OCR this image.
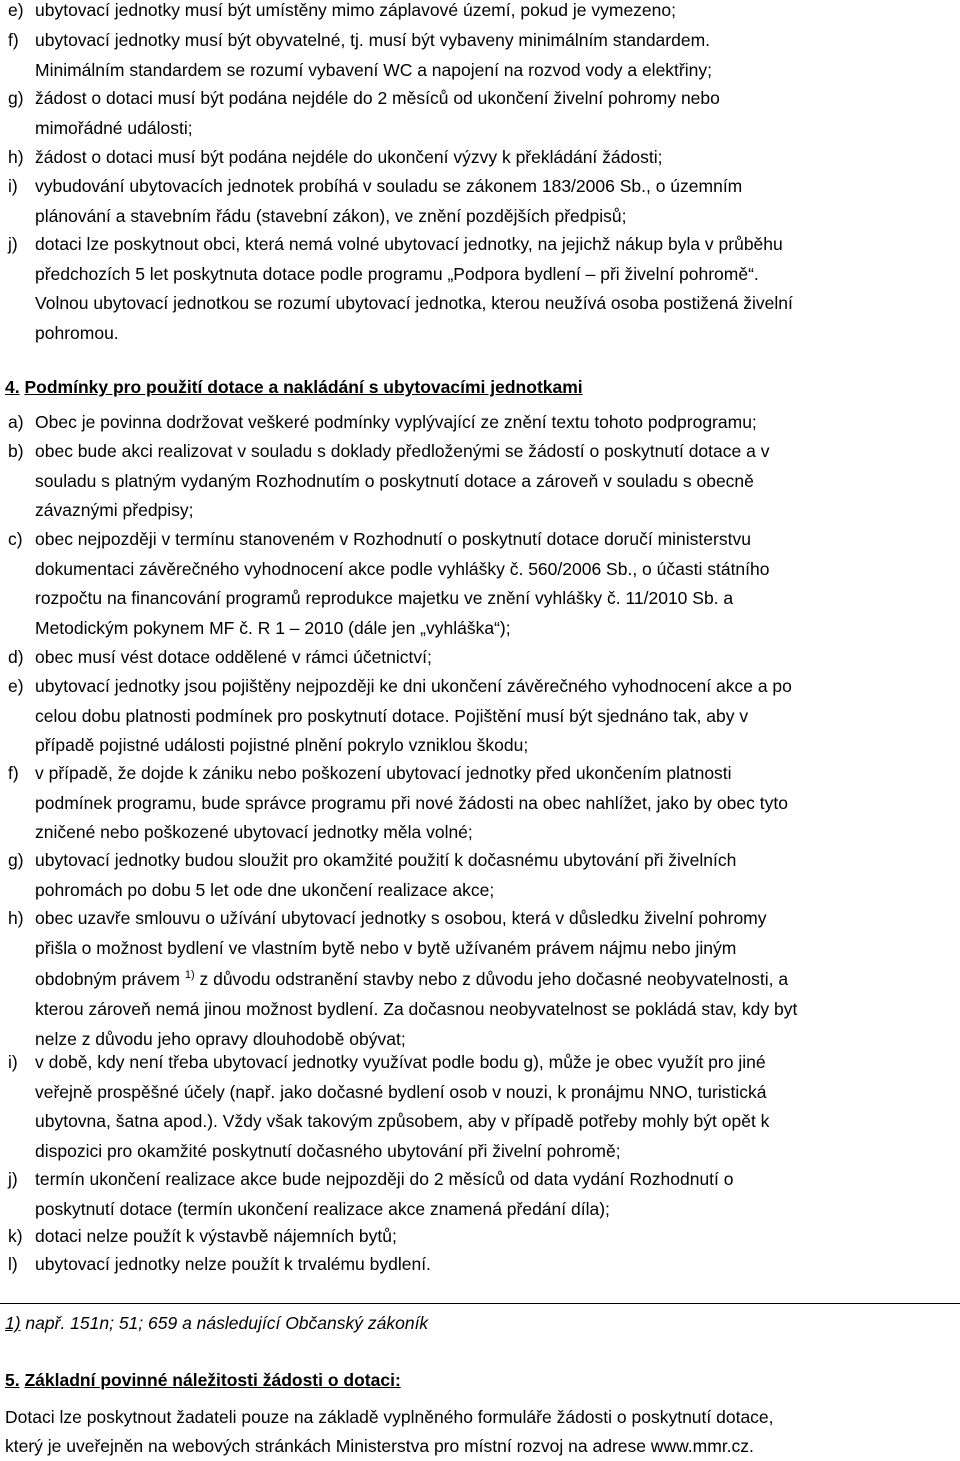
e) ubytovací jednotky musí být umístěny mimo záplavové území, pokud je vymezeno;
f) ubytovací jednotky musí být obyvatelné, tj. musí být vybaveny minimálním standardem.
Minimálním standardem se rozumí vybavení WC a napojení na rozvod vody a elektřiny;
g) žádost o dotaci musí být podána nejdéle do 2 měsíců od ukončení živelní pohromy nebo
mimořádné události;
h) žádost o dotaci musí být podána nejdéle do ukončení výzvy k překládání žádosti;
i) vybudování ubytovacích jednotek probíhá v souladu se zákonem 183/2006 Sb., o územním
plánování a stavebním řádu (stavební zákon), ve znění pozdějších předpisů;
j) dotaci lze poskytnout obci, která nemá volné ubytovací jednotky, na jejichž nákup byla v průběhu
předchozích 5 let poskytnuta dotace podle programu „Podpora bydlení – při živelní pohromě“.
Volnou ubytovací jednotkou se rozumí ubytovací jednotka, kterou neužívá osoba postižená živelní
pohromou.
4. Podmínky pro použití dotace a nakládání s ubytovacími jednotkami
a) Obec je povinna dodržovat veškeré podmínky vyplývající ze znění textu tohoto podprogramu;
b) obec bude akci realizovat v souladu s doklady předloženými se žádostí o poskytnutí dotace a v
souladu s platným vydaným Rozhodnutím o poskytnutí dotace a zároveň v souladu s obecně
závaznými předpisy;
c) obec nejpozději v termínu stanoveném v Rozhodnutí o poskytnutí dotace doručí ministerstvu
dokumentaci závěrečného vyhodnocení akce podle vyhlášky č. 560/2006 Sb., o účasti státního
rozpočtu na financování programů reprodukce majetku ve znění vyhlášky č. 11/2010 Sb. a
Metodickým pokynem MF č. R 1 – 2010 (dále jen „vyhláška“);
d) obec musí vést dotace oddělené v rámci účetnictví;
e) ubytovací jednotky jsou pojištěny nejpozději ke dni ukončení závěrečného vyhodnocení akce a po
celou dobu platnosti podmínek pro poskytnutí dotace. Pojištění musí být sjednáno tak, aby v
případě pojistné události pojistné plnění pokrylo vzniklou škodu;
f) v případě, že dojde k zániku nebo poškození ubytovací jednotky před ukončením platnosti
podmínek programu, bude správce programu při nové žádosti na obec nahlížet, jako by obec tyto
zničené nebo poškozené ubytovací jednotky měla volné;
g) ubytovací jednotky budou sloužit pro okamžité použití k dočasnému ubytování při živelních
pohromách po dobu 5 let ode dne ukončení realizace akce;
h) obec uzavře smlouvu o užívání ubytovací jednotky s osobou, která v důsledku živelní pohromy
přišla o možnost bydlení ve vlastním bytě nebo v bytě užívaném právem nájmu nebo jiným
obdobným právem $^{1)}$ z důvodu odstranění stavby nebo z důvodu jeho dočasné neobyvatelnosti, a
kterou zároveň nemá jinou možnost bydlení. Za dočasnou neobyvatelnost se pokládá stav, kdy byt
nelze z důvodu jeho opravy dlouhodobě obývat;
i) v době, kdy není třeba ubytovací jednotky využívat podle bodu g), může je obec využít pro jiné
veřejně prospěšné účely (např. jako dočasné bydlení osob v nouzi, k pronájmu NNO, turistická
ubytovna, šatna apod.). Vždy však takovým způsobem, aby v případě potřeby mohly být opět k
dispozici pro okamžité poskytnutí dočasného ubytování při živelní pohromě;
j) termín ukončení realizace akce bude nejpozději do 2 měsíců od data vydání Rozhodnutí o
poskytnutí dotace (termín ukončení realizace akce znamená předání díla);
k) dotaci nelze použít k výstavbě nájemních bytů;
l) ubytovací jednotky nelze použít k trvalému bydlení.
1) např. 151n; 51; 659 a následující Občanský zákoník
5. Základní povinné náležitosti žádosti o dotaci:
Dotaci lze poskytnout žadateli pouze na základě vyplněného formuláře žádosti o poskytnutí dotace,
který je uveřejněn na webových stránkách Ministerstva pro místní rozvoj na adrese www.mmr.cz.
